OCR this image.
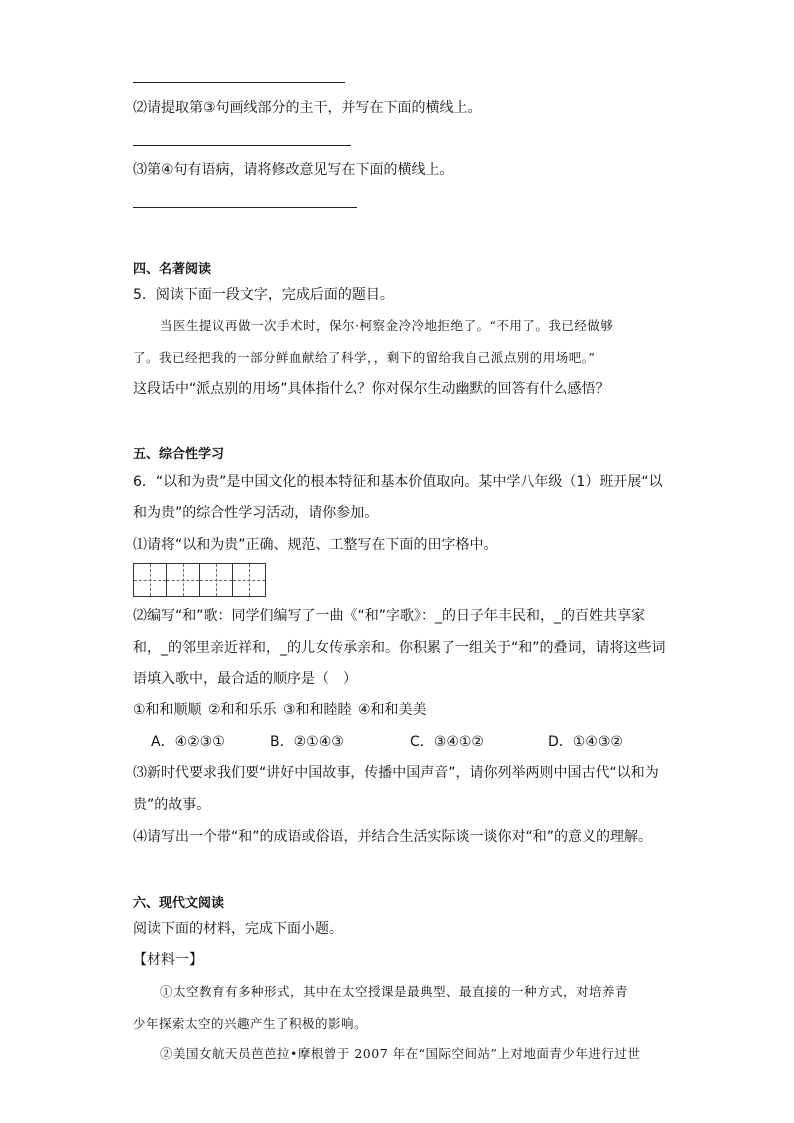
⑵请提取第③句画线部分的主干，并写在下面的横线上。
⑶第④句有语病，请将修改意见写在下面的横线上。
四、名著阅读
5．阅读下面一段文字，完成后面的题目。
当医生提议再做一次手术时，保尔·柯察金冷冷地拒绝了。“不用了。我已经做够
了。我已经把我的一部分鲜血献给了科学，，剩下的留给我自己派点别的用场吧。”
这段话中“派点别的用场”具体指什么？你对保尔生动幽默的回答有什么感悟？
五、综合性学习
6．“以和为贵”是中国文化的根本特征和基本价值取向。某中学八年级（1）班开展“以
和为贵”的综合性学习活动，请你参加。
⑴请将“以和为贵”正确、规范、工整写在下面的田字格中。
⑵编写“和”歌：同学们编写了一曲《“和”字歌》：_的日子年丰民和，_的百姓共享家
和，_的邻里亲近祥和，_的儿女传承亲和。你积累了一组关于“和”的叠词，请将这些词
语填入歌中，最合适的顺序是（　）
①和和顺顺 ②和和乐乐 ③和和睦睦 ④和和美美
A．④②③①	B．②①④③	C．③④①②	D．①④③②
⑶新时代要求我们要“讲好中国故事，传播中国声音”，请你列举两则中国古代“以和为
贵”的故事。
⑷请写出一个带“和”的成语或俗语，并结合生活实际谈一谈你对“和”的意义的理解。
六、现代文阅读
阅读下面的材料，完成下面小题。
【材料一】
①太空教育有多种形式，其中在太空授课是最典型、最直接的一种方式，对培养青
少年探索太空的兴趣产生了积极的影响。
②美国女航天员芭芭拉•摩根曾于 2007 年在“国际空间站”上对地面青少年进行过世
